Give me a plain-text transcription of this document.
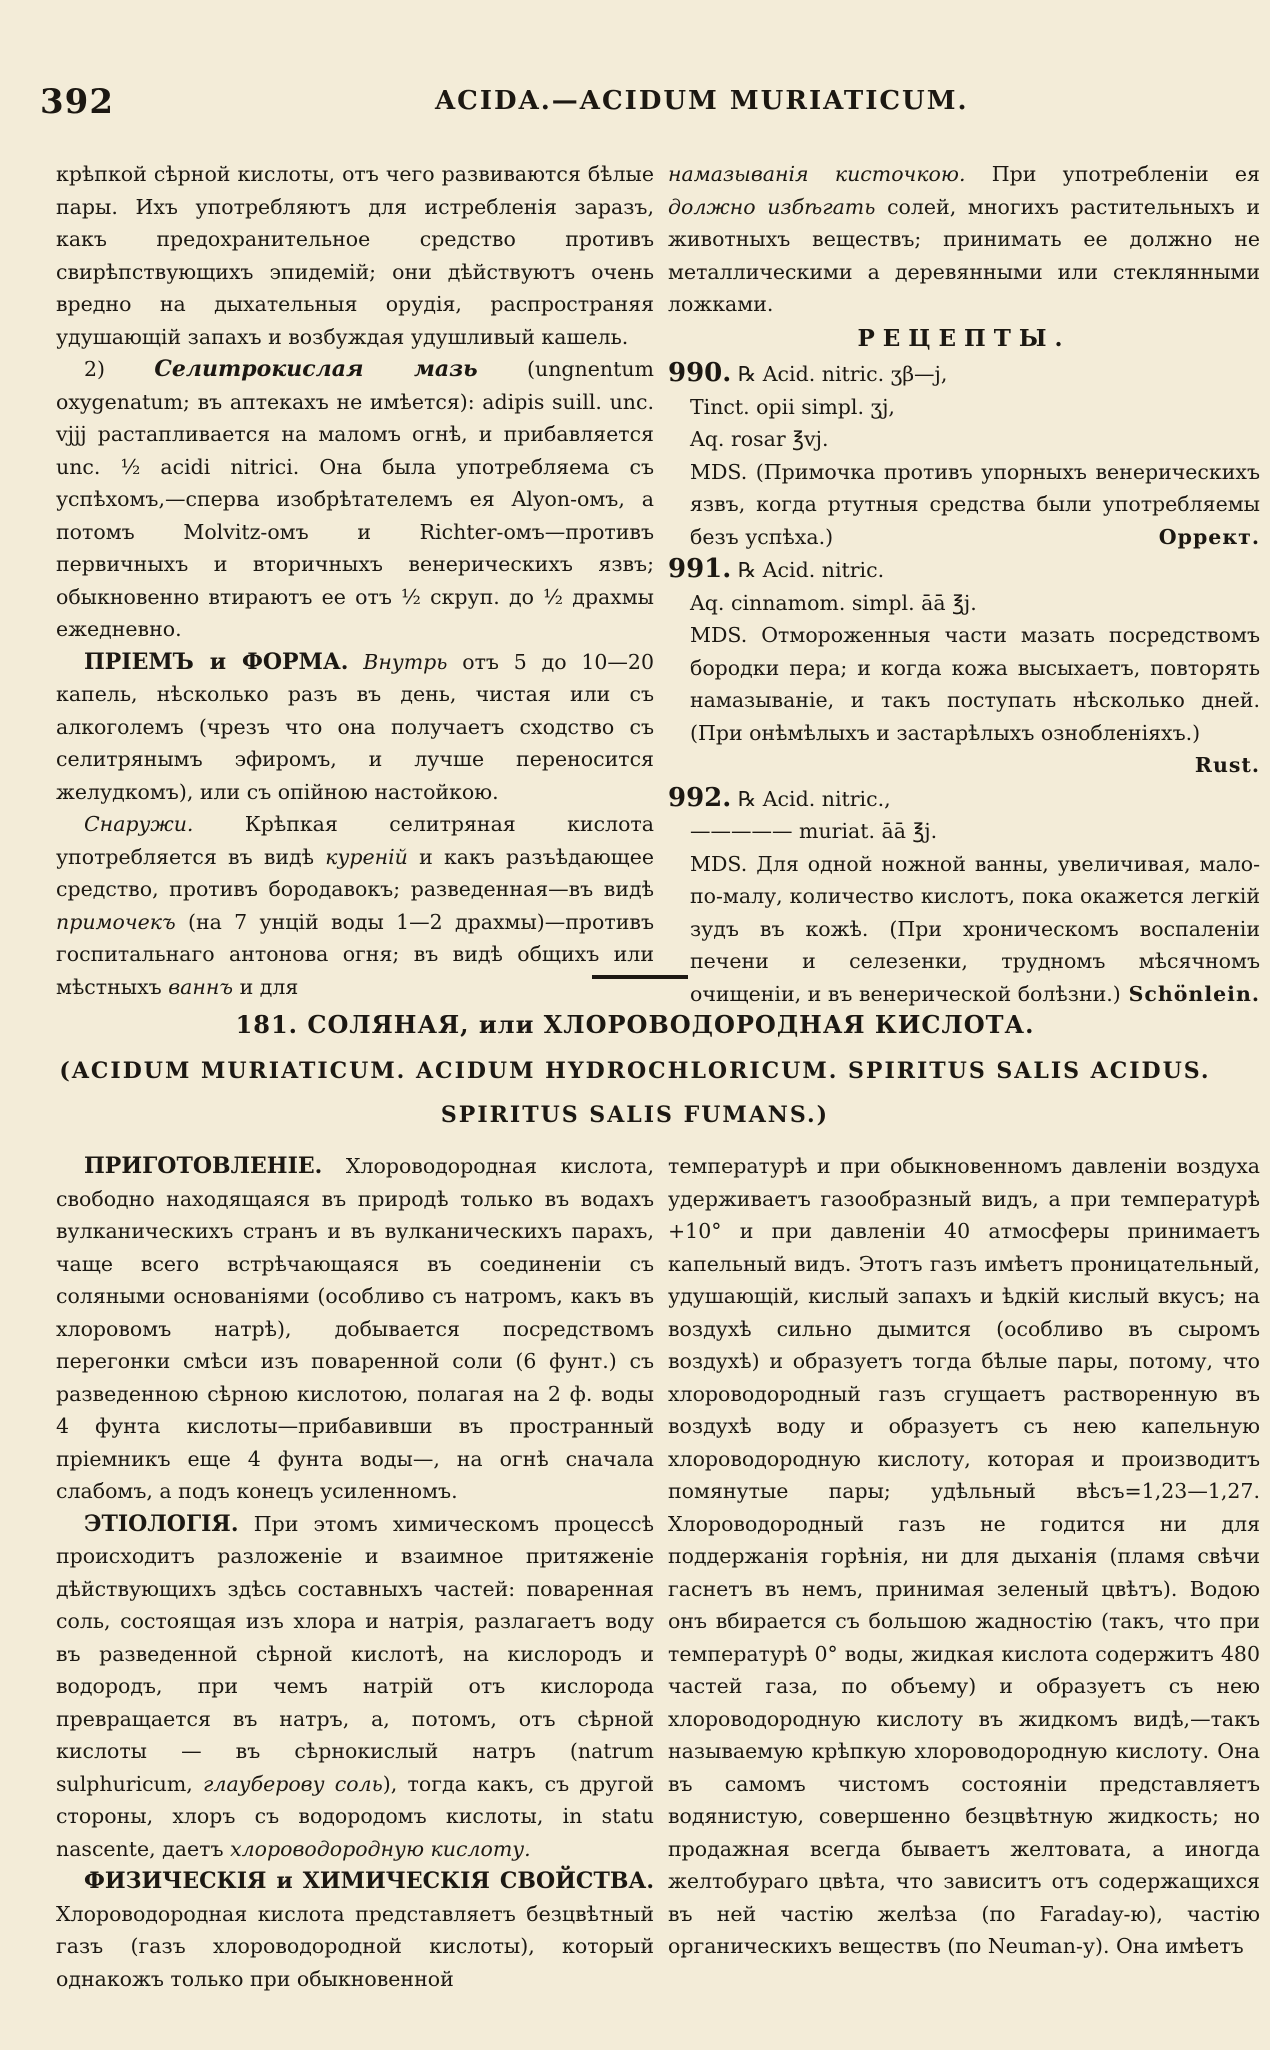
392	ACIDA.—ACIDUM MURIATICUM.

крѣпкой сѣрной кислоты, отъ чего развиваются бѣлые пары. Ихъ употребляютъ для истребленія заразъ, какъ предохранительное средство противъ свирѣпствующихъ эпидемій; они дѣйствуютъ очень вредно на дыхательныя орудія, распространяя удушающій запахъ и возбуждая удушливый кашель.

2) Селитрокислая мазь (ungnentum oxygenatum; въ аптекахъ не имѣется): adipis suill. unc. vjjj растапливается на маломъ огнѣ, и прибавляется unc. ½ acidi nitrici. Она была употребляема съ успѣхомъ,—сперва изобрѣтателемъ ея Alyon-омъ, а потомъ Molvitz-омъ и Richter-омъ—противъ первичныхъ и вторичныхъ венерическихъ язвъ; обыкновенно втираютъ ее отъ ½ скруп. до ½ драхмы ежедневно.

ПРІЕМЪ и ФОРМА. Внутрь отъ 5 до 10—20 капель, нѣсколько разъ въ день, чистая или съ алкоголемъ (чрезъ что она получаетъ сходство съ селитрянымъ эфиромъ, и лучше переносится желудкомъ), или съ опійною настойкою.

Снаружи.	Крѣпкая селитряная кислота употребляется въ видѣ куреній и какъ разъѣдающее средство, противъ бородавокъ; разведенная—въ видѣ примочекъ (на 7 унцій воды 1—2 драхмы)—противъ госпитальнаго антонова огня; въ видѣ общихъ или мѣстныхъ ваннъ и для

намазыванія кисточкою. При употребленіи ея должно избѣгать солей, многихъ растительныхъ и животныхъ веществъ; принимать ее должно не металлическими а деревянными или стеклянными ложками.

РЕЦЕПТЫ.
990. ℞ Acid. nitric. ʒβ—j,
Tinct. opii simpl. ʒj,
Aq. rosar ℥vj.

MDS. (Примочка противъ упорныхъ венерическихъ язвъ, когда ртутныя средства были употребляемы безъ успѣха.)	Оррект.

991. ℞ Acid. nitric.
Aq. cinnamom. simpl. āā ℥j.

MDS. Отмороженныя части мазать посредствомъ бородки пера; и когда кожа высыхаетъ, повторять намазываніе, и такъ поступать нѣсколько дней. (При онѣмѣлыхъ и застарѣлыхъ ознобленіяхъ.)
Rust.

992. ℞ Acid. nitric.,
————— muriat. āā ℥j.

MDS. Для одной ножной ванны, увеличивая, мало-по-малу, количество кислотъ, пока окажется легкій зудъ въ кожѣ. (При хроническомъ воспаленіи печени и селезенки, трудномъ мѣсячномъ очищеніи, и въ венерической болѣзни.) Schönlein.

181. СОЛЯНАЯ, или ХЛОРОВОДОРОДНАЯ КИСЛОТА.
(ACIDUM MURIATICUM. ACIDUM HYDROCHLORICUM. SPIRITUS SALIS ACIDUS.
SPIRITUS SALIS FUMANS.)

ПРИГОТОВЛЕНІЕ. Хлороводородная кислота, свободно находящаяся въ природѣ только въ водахъ вулканическихъ странъ и въ вулканическихъ парахъ, чаще всего встрѣчающаяся въ соединеніи съ соляными основаніями (особливо съ натромъ, какъ въ хлоровомъ натрѣ), добывается посредствомъ перегонки смѣси изъ поваренной соли (6 фунт.) съ разведенною сѣрною кислотою, полагая на 2 ф. воды 4 фунта кислоты—прибавивши въ пространный пріемникъ еще 4 фунта воды—, на огнѣ сначала слабомъ, а подъ конецъ усиленномъ.

ЭТІОЛОГІЯ. При этомъ химическомъ процессѣ происходитъ разложеніе и взаимное притяженіе дѣйствующихъ здѣсь составныхъ частей: поваренная соль, состоящая изъ хлора и натрія, разлагаетъ воду въ разведенной сѣрной кислотѣ, на кислородъ и водородъ, при чемъ натрій отъ кислорода превращается въ натръ, а, потомъ, отъ сѣрной кислоты — въ сѣрнокислый натръ (natrum sulphuricum, глауберову соль), тогда какъ, съ другой стороны, хлоръ съ водородомъ кислоты, in statu nascente, даетъ хлороводородную кислоту.

ФИЗИЧЕСКІЯ и ХИМИЧЕСКІЯ СВОЙСТВА. Хлороводородная кислота представляетъ безцвѣтный газъ (газъ хлороводородной кислоты), который однакожъ только при обыкновенной

температурѣ и при обыкновенномъ давленіи воздуха удерживаетъ газообразный видъ, а при температурѣ +10° и при давленіи 40 атмосферы принимаетъ капельный видъ. Этотъ газъ имѣетъ проницательный, удушающій, кислый запахъ и ѣдкій кислый вкусъ; на воздухѣ сильно дымится (особливо въ сыромъ воздухѣ) и образуетъ тогда бѣлые пары, потому, что хлороводородный газъ сгущаетъ растворенную въ воздухѣ воду и образуетъ съ нею капельную хлороводородную кислоту, которая и производитъ помянутые пары; удѣльный вѣсъ=1,23—1,27. Хлороводородный газъ не годится ни для поддержанія горѣнія, ни для дыханія (пламя свѣчи гаснетъ въ немъ, принимая зеленый цвѣтъ). Водою онъ вбирается съ большою жадностію (такъ, что при температурѣ 0° воды, жидкая кислота содержитъ 480 частей газа, по объему) и образуетъ съ нею хлороводородную кислоту въ жидкомъ видѣ,—такъ называемую крѣпкую хлороводородную кислоту. Она въ самомъ чистомъ состояніи представляетъ водянистую, совершенно безцвѣтную жидкость; но продажная всегда бываетъ желтовата, а иногда желтобураго цвѣта, что зависитъ отъ содержащихся въ ней частію желѣза (по Faraday-ю), частію органическихъ веществъ (по Neuman-у). Она имѣетъ
